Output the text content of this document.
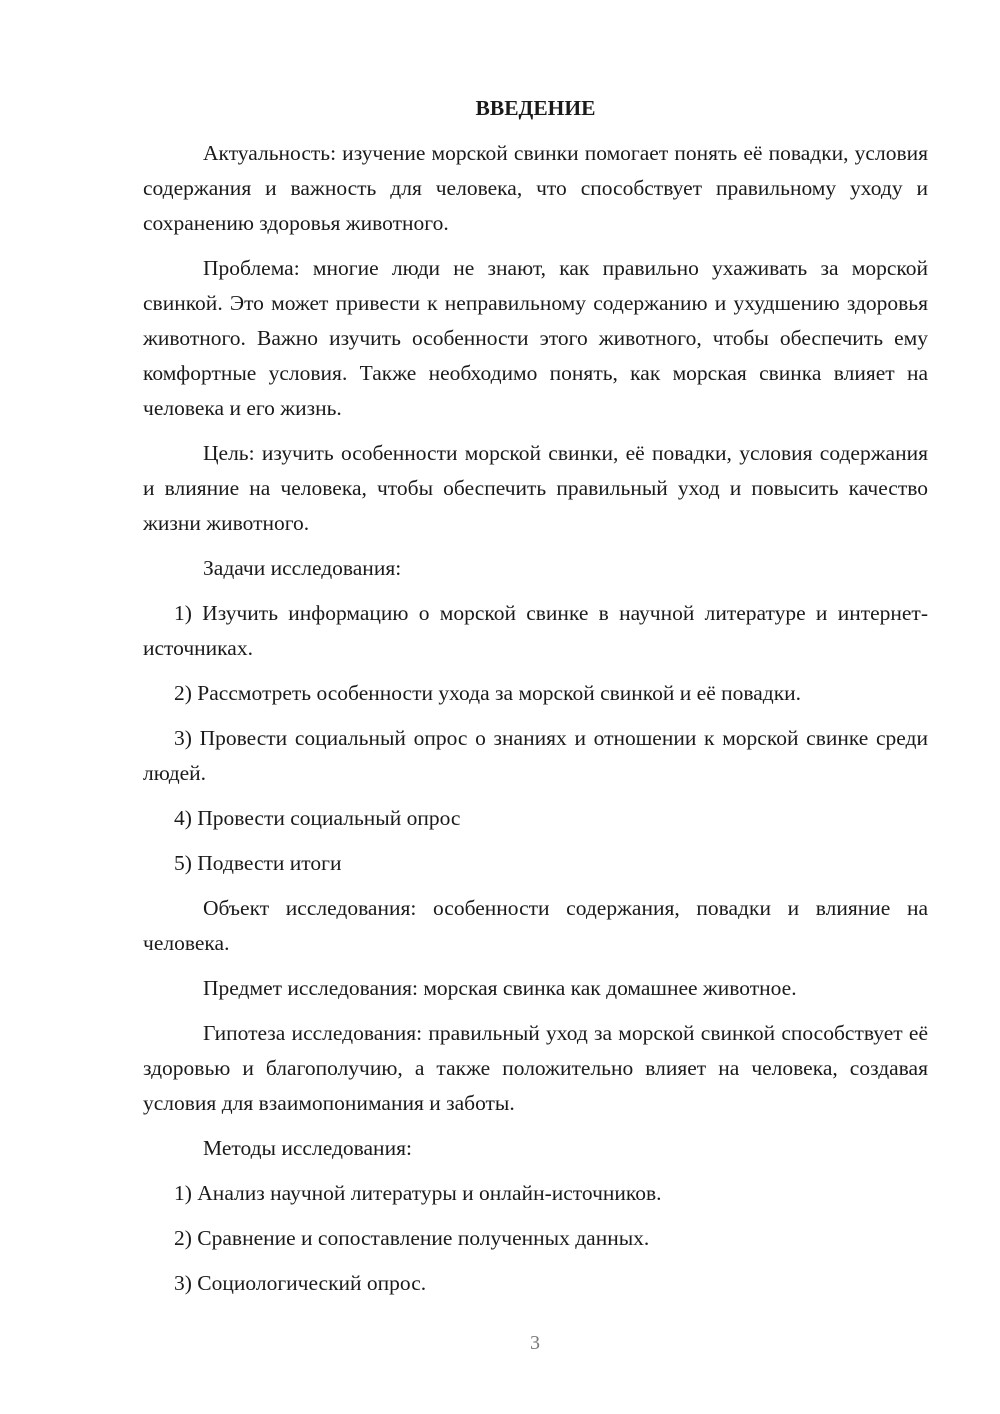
ВВЕДЕНИЕ

Актуальность: изучение морской свинки помогает понять её повадки, условия содержания и важность для человека, что способствует правильному уходу и сохранению здоровья животного.

Проблема: многие люди не знают, как правильно ухаживать за морской свинкой. Это может привести к неправильному содержанию и ухудшению здоровья животного. Важно изучить особенности этого животного, чтобы обеспечить ему комфортные условия. Также необходимо понять, как морская свинка влияет на человека и его жизнь.

Цель: изучить особенности морской свинки, её повадки, условия содержания и влияние на человека, чтобы обеспечить правильный уход и повысить качество жизни животного.

Задачи исследования:

1) Изучить информацию о морской свинке в научной литературе и интернет-источниках.

2) Рассмотреть особенности ухода за морской свинкой и её повадки.

3) Провести социальный опрос о знаниях и отношении к морской свинке среди людей.

4) Провести социальный опрос

5) Подвести итоги

Объект исследования: особенности содержания, повадки и влияние на человека.

Предмет исследования: морская свинка как домашнее животное.

Гипотеза исследования: правильный уход за морской свинкой способствует её здоровью и благополучию, а также положительно влияет на человека, создавая условия для взаимопонимания и заботы.

Методы исследования:

1) Анализ научной литературы и онлайн-источников.

2) Сравнение и сопоставление полученных данных.

3) Социологический опрос.

3
